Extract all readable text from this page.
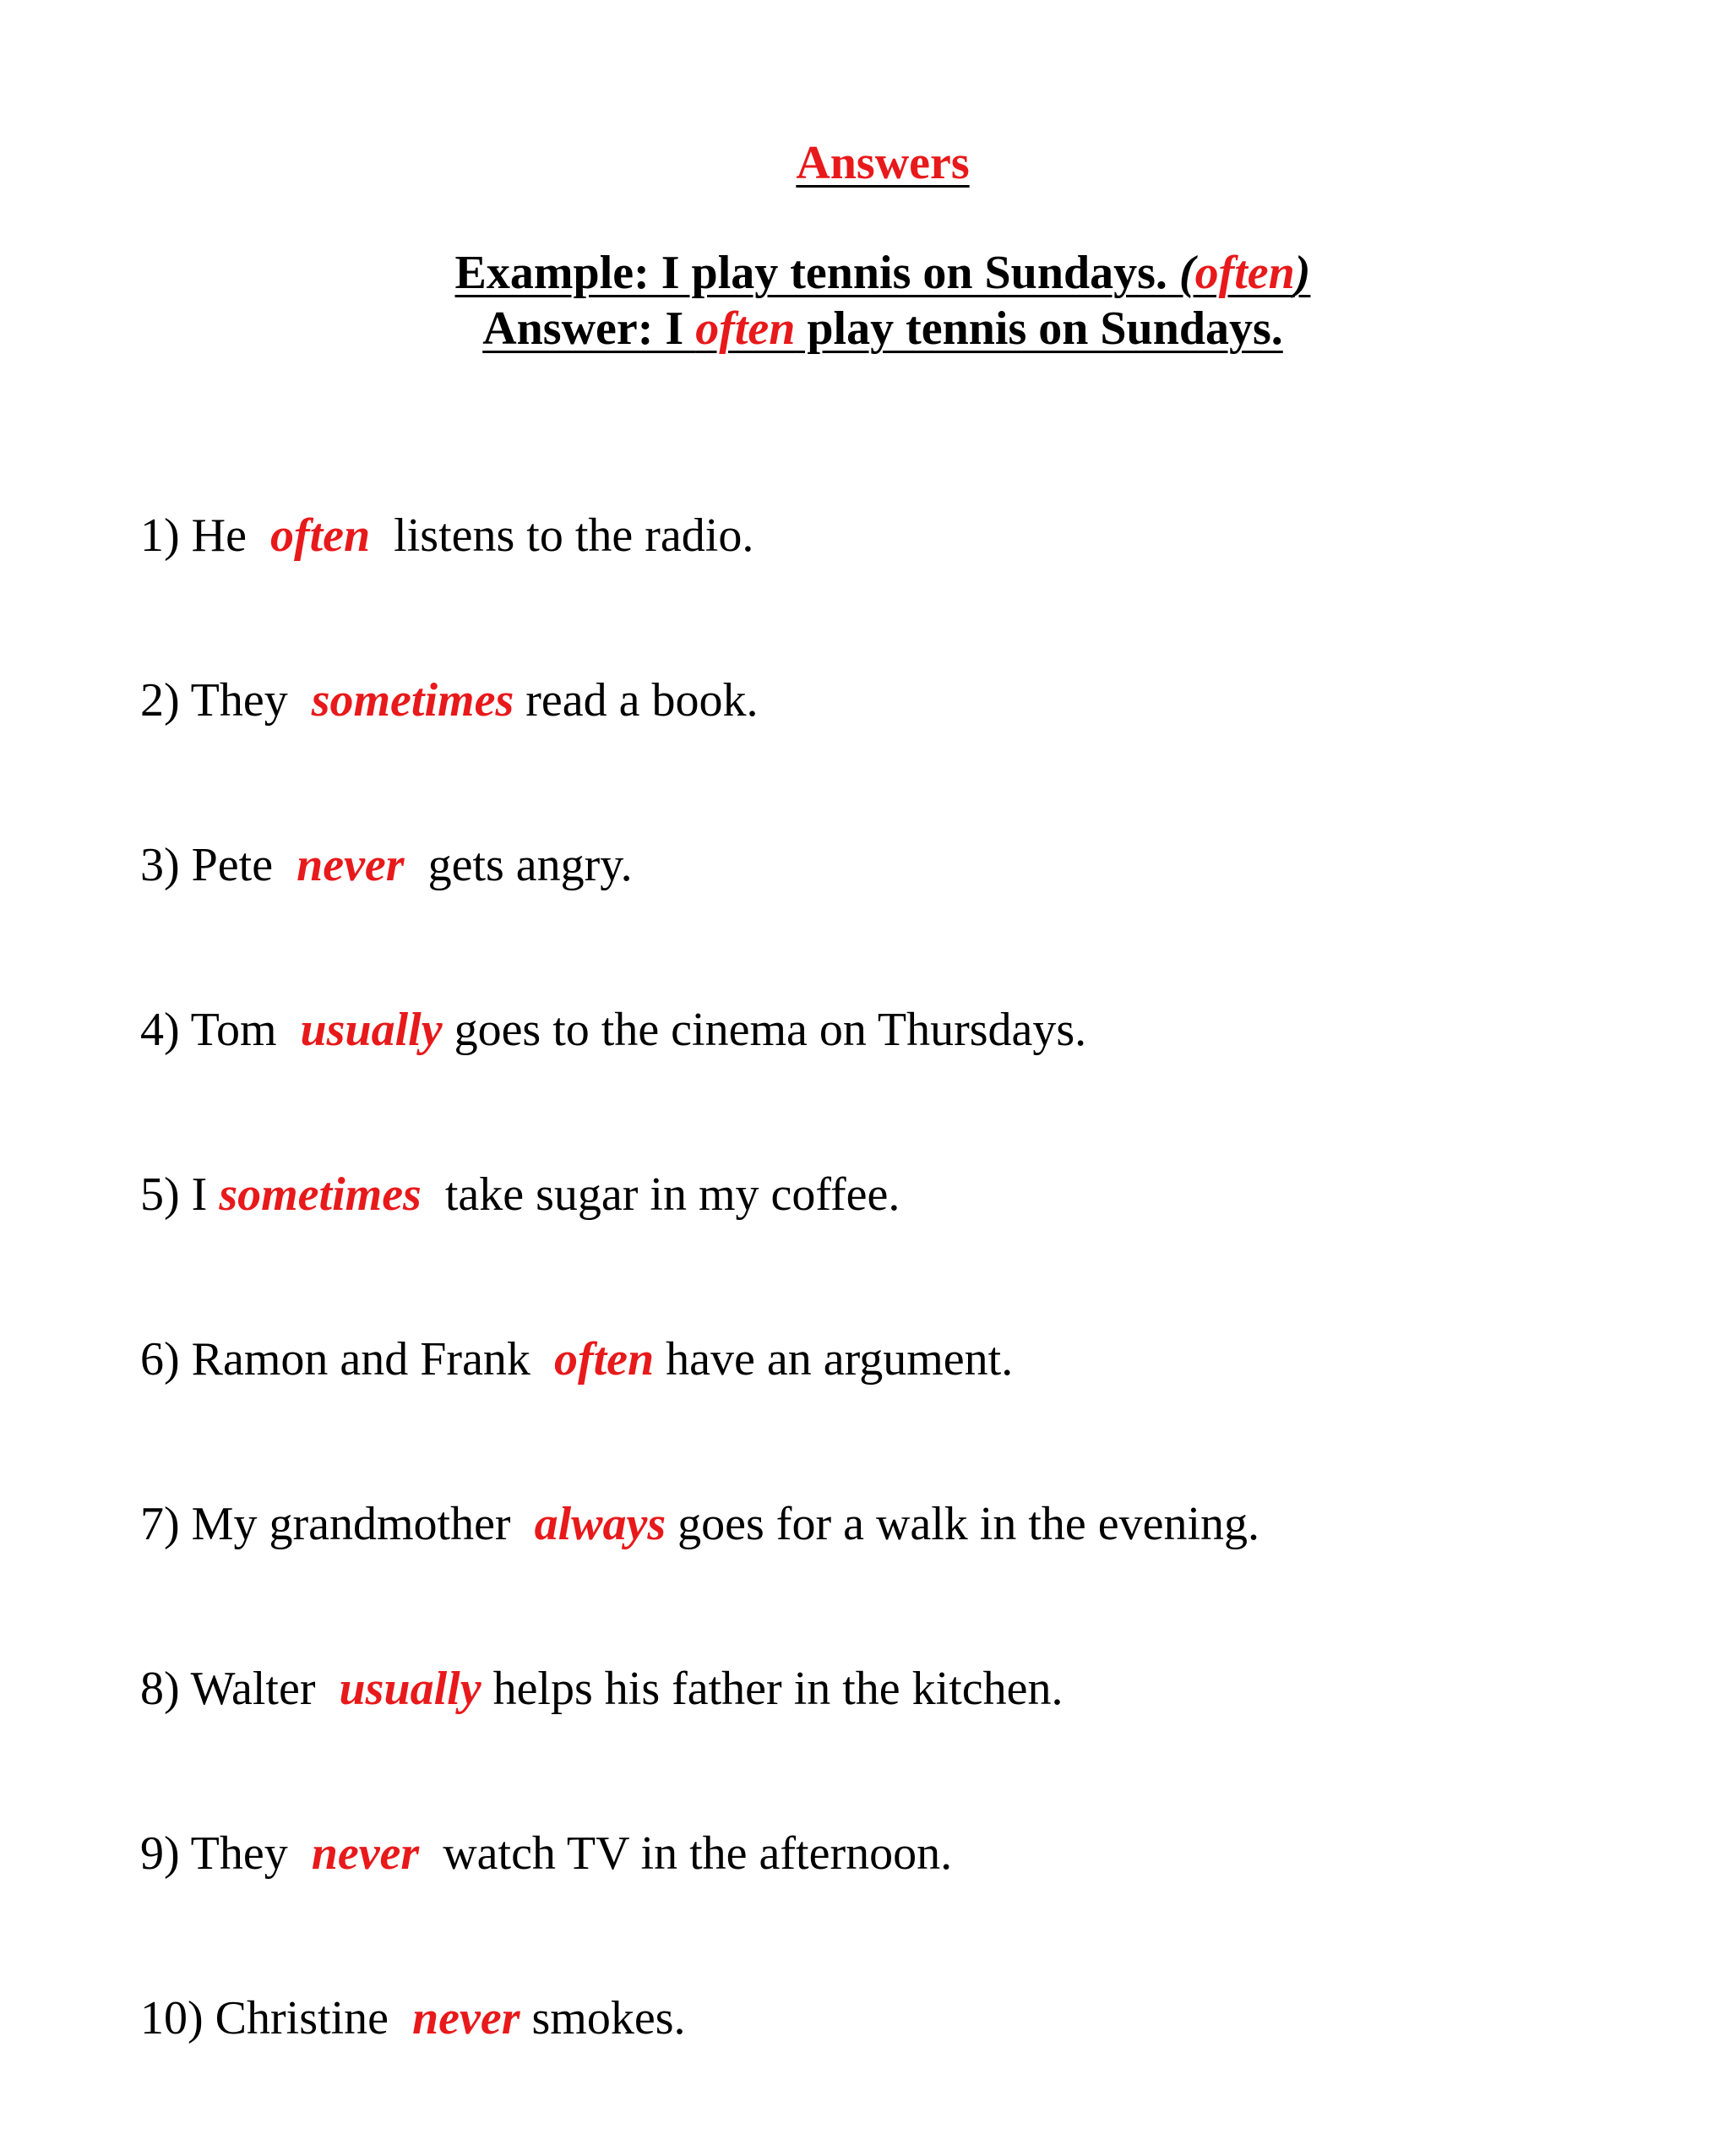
Answers
Example: I play tennis on Sundays. (often)
Answer: I often play tennis on Sundays.

1) He  often  listens to the radio.

2) They  sometimes read a book.

3) Pete  never  gets angry.

4) Tom  usually goes to the cinema on Thursdays.

5) I sometimes  take sugar in my coffee.

6) Ramon and Frank  often have an argument.

7) My grandmother  always goes for a walk in the evening.

8) Walter  usually helps his father in the kitchen.

9) They  never  watch TV in the afternoon.

10) Christine  never smokes.
